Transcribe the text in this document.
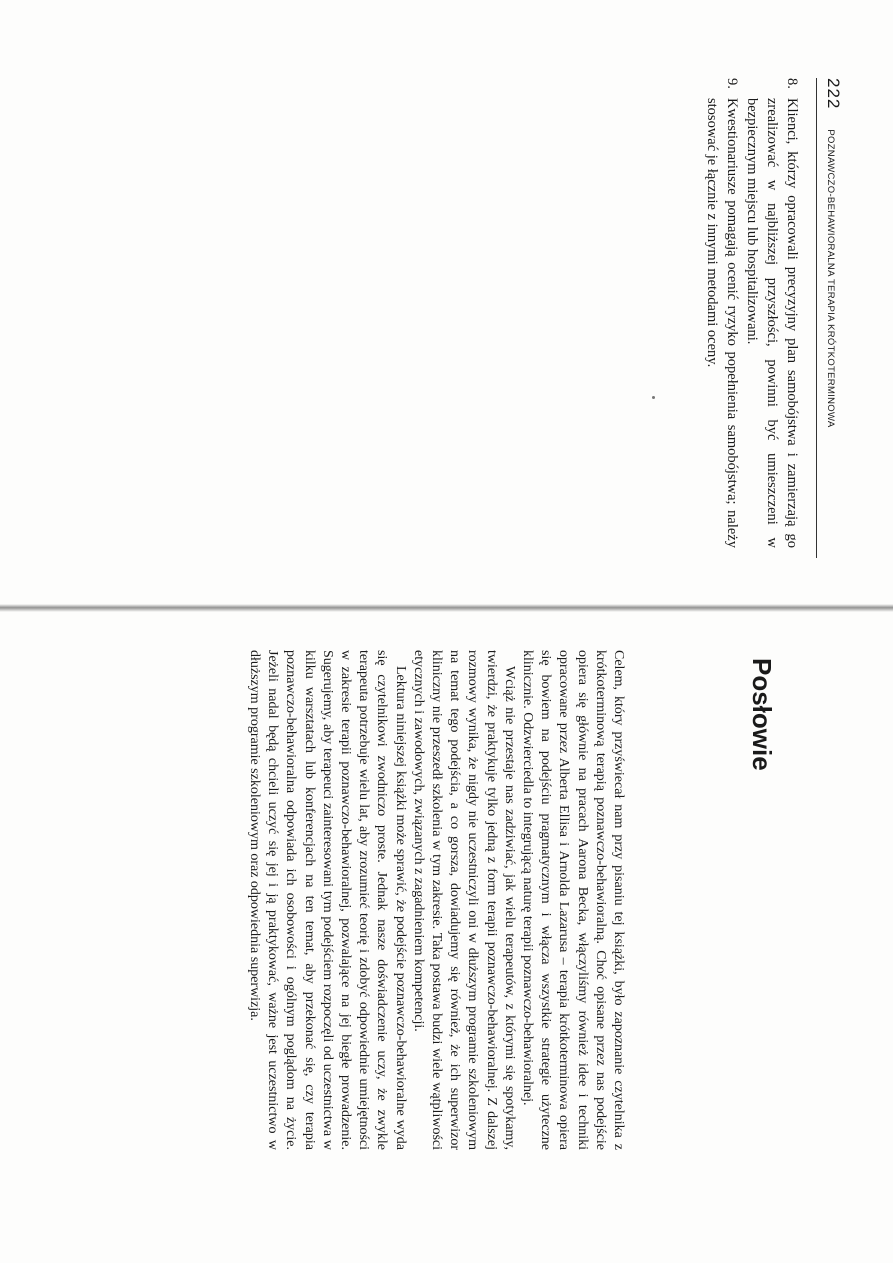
222
POZNAWCZO-BEHAWIORALNA TERAPIA KRÓTKOTERMINOWA
8.
Klienci, którzy opracowali precyzyjny plan samobójstwa i zamierzają go zrealizować w najbliższej przyszłości, powinni być umieszczeni w bezpiecznym miejscu lub hospitalizowani.
9.
Kwestionariusze pomagają ocenić ryzyko popełnienia samobójstwa; należy stosować je łącznie z innymi metodami oceny.
Posłowie

Celem, który przyświecał nam przy pisaniu tej książki, było zapoznanie czytelnika z krótkoterminową terapią poznawczo-behawioralną. Choć opisane przez nas podejście opiera się głównie na pracach Aarona Becka, włączyliśmy również idee i techniki opracowane przez Alberta Ellisa i Arnolda Lazarusa – terapia krótkoterminowa opiera się bowiem na podejściu pragmatycznym i włącza wszystkie strategie użyteczne klinicznie. Odzwierciedla to integrującą naturę terapii poznawczo-behawioralnej.

Wciąż nie przestaje nas zadziwiać, jak wielu terapeutów, z którymi się spotykamy, twierdzi, że praktykuje tylko jedną z form terapii poznawczo-behawioralnej. Z dalszej rozmowy wynika, że nigdy nie uczestniczyli oni w dłuższym programie szkoleniowym na temat tego podejścia, a co gorsza, dowiadujemy się również, że ich superwizor kliniczny nie przeszedł szkolenia w tym zakresie. Taka postawa budzi wiele wątpliwości etycznych i zawodowych, związanych z zagadnieniem kompetencji.

Lektura niniejszej książki może sprawić, że podejście poznawczo-behawioralne wyda się czytelnikowi zwodniczo proste. Jednak nasze doświadczenie uczy, że zwykle terapeuta potrzebuje wielu lat, aby zrozumieć teorię i zdobyć odpowiednie umiejętności w zakresie terapii poznawczo-behawioralnej, pozwalające na jej biegłe prowadzenie. Sugerujemy, aby terapeuci zainteresowani tym podejściem rozpoczęli od uczestnictwa w kilku warsztatach lub konferencjach na ten temat, aby przekonać się, czy terapia poznawczo-behawioralna odpowiada ich osobowości i ogólnym poglądom na życie. Jeżeli nadal będą chcieli uczyć się jej i ją praktykować, ważne jest uczestnictwo w dłuższym programie szkoleniowym oraz odpowiednia superwizja.
